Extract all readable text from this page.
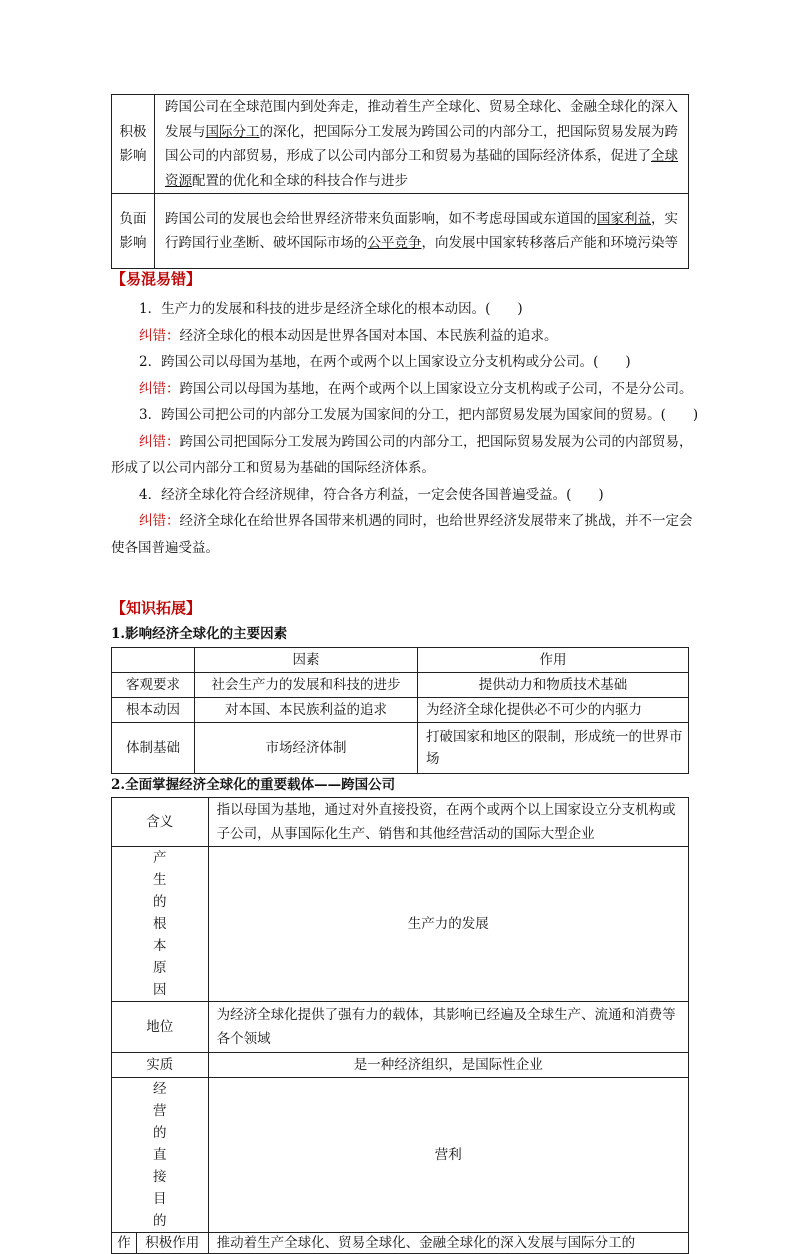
积极
影响	跨国公司在全球范围内到处奔走，推动着生产全球化、贸易全球化、金融全球化的深入发展与国际分工的深化，把国际分工发展为跨国公司的内部分工，把国际贸易发展为跨国公司的内部贸易，形成了以公司内部分工和贸易为基础的国际经济体系，促进了全球资源配置的优化和全球的科技合作与进步
负面
影响	跨国公司的发展也会给世界经济带来负面影响，如不考虑母国或东道国的国家利益，实行跨国行业垄断、破坏国际市场的公平竞争，向发展中国家转移落后产能和环境污染等
【易混易错】
1．生产力的发展和科技的进步是经济全球化的根本动因。(　　)
纠错：经济全球化的根本动因是世界各国对本国、本民族利益的追求。
2．跨国公司以母国为基地，在两个或两个以上国家设立分支机构或分公司。(　　)
纠错：跨国公司以母国为基地，在两个或两个以上国家设立分支机构或子公司，不是分公司。
3．跨国公司把公司的内部分工发展为国家间的分工，把内部贸易发展为国家间的贸易。(　　)
纠错：跨国公司把国际分工发展为跨国公司的内部分工，把国际贸易发展为公司的内部贸易，形成了以公司内部分工和贸易为基础的国际经济体系。
4．经济全球化符合经济规律，符合各方利益，一定会使各国普遍受益。(　　)
纠错：经济全球化在给世界各国带来机遇的同时，也给世界经济发展带来了挑战，并不一定会使各国普遍受益。
【知识拓展】
1.影响经济全球化的主要因素
	因素	作用
客观要求	社会生产力的发展和科技的进步	提供动力和物质技术基础
根本动因	对本国、本民族利益的追求	为经济全球化提供必不可少的内驱力
体制基础	市场经济体制	打破国家和地区的限制，形成统一的世界市场
2.全面掌握经济全球化的重要载体——跨国公司
含义		指以母国为基地，通过对外直接投资，在两个或两个以上国家设立分支机构或子公司，从事国际化生产、销售和其他经营活动的国际大型企业
产生的根本原因		生产力的发展
地位		为经济全球化提供了强有力的载体，其影响已经遍及全球生产、流通和消费等各个领域
实质		是一种经济组织，是国际性企业
经营的直接目的		营利
作	积极作用	推动着生产全球化、贸易全球化、金融全球化的深入发展与国际分工的
